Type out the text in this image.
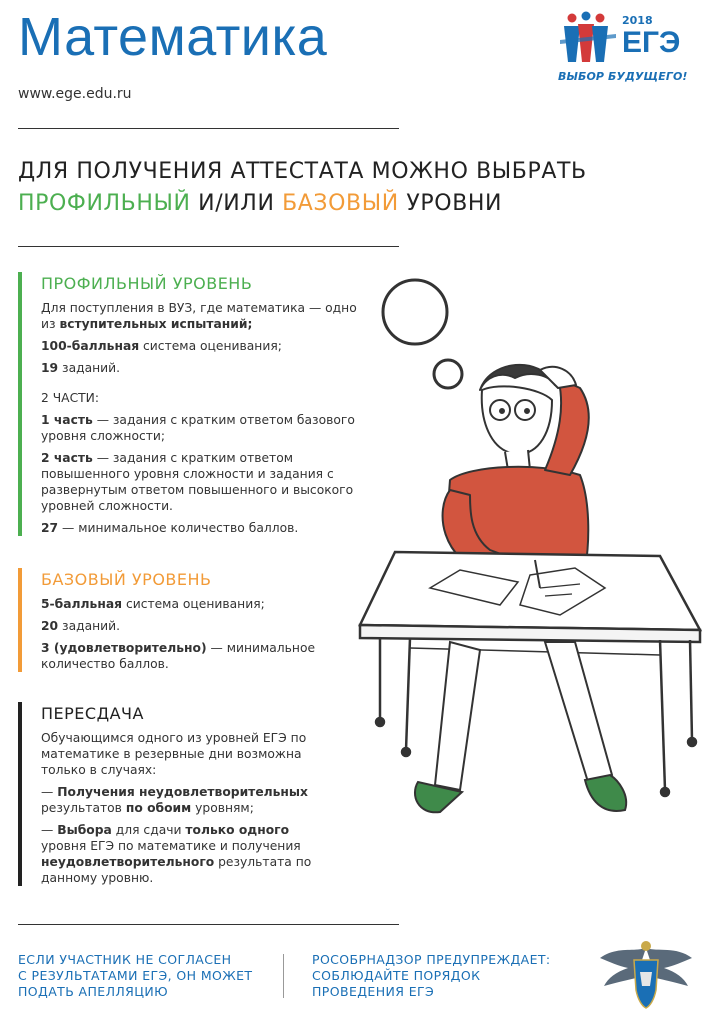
Математика
www.ege.edu.ru
2018
ЕГЭ
ВЫБОР БУДУЩЕГО!
ДЛЯ ПОЛУЧЕНИЯ АТТЕСТАТА МОЖНО ВЫБРАТЬ
ПРОФИЛЬНЫЙ И/ИЛИ БАЗОВЫЙ УРОВНИ
ПРОФИЛЬНЫЙ УРОВЕНЬ
Для поступления в ВУЗ, где математика — одно из вступительных испытаний;
100-балльная система оценивания;
19 заданий.
2 ЧАСТИ:
1 часть — задания с кратким ответом базового уровня сложности;
2 часть — задания с кратким ответом повышенного уровня сложности и задания с развернутым ответом повышенного и высокого уровней сложности.
27 — минимальное количество баллов.
БАЗОВЫЙ УРОВЕНЬ
5-балльная система оценивания;
20 заданий.
3 (удовлетворительно) — минимальное количество баллов.
ПЕРЕСДАЧА
Обучающимся одного из уровней ЕГЭ по математике в резервные дни возможна только в случаях:
— Получения неудовлетворительных результатов по обоим уровням;
— Выбора для сдачи только одного уровня ЕГЭ по математике и получения неудовлетворительного результата по данному уровню.
ЕСЛИ УЧАСТНИК НЕ СОГЛАСЕН
С РЕЗУЛЬТАТАМИ ЕГЭ, ОН МОЖЕТ
ПОДАТЬ АПЕЛЛЯЦИЮ
РОСОБРНАДЗОР ПРЕДУПРЕЖДАЕТ:
СОБЛЮДАЙТЕ ПОРЯДОК
ПРОВЕДЕНИЯ ЕГЭ
